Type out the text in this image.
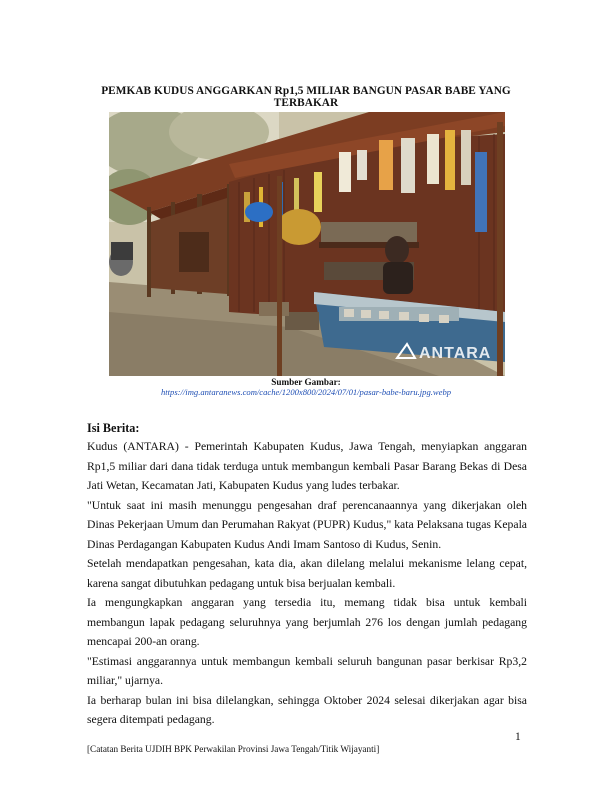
PEMKAB KUDUS ANGGARKAN Rp1,5 MILIAR BANGUN PASAR BABE YANG TERBAKAR
ANTARA
Sumber Gambar:
https://img.antaranews.com/cache/1200x800/2024/07/01/pasar-babe-baru.jpg.webp
Isi Berita:

Kudus (ANTARA) - Pemerintah Kabupaten Kudus, Jawa Tengah, menyiapkan anggaran Rp1,5 miliar dari dana tidak terduga untuk membangun kembali Pasar Barang Bekas di Desa Jati Wetan, Kecamatan Jati, Kabupaten Kudus yang ludes terbakar.

"Untuk saat ini masih menunggu pengesahan draf perencanaannya yang dikerjakan oleh Dinas Pekerjaan Umum dan Perumahan Rakyat (PUPR) Kudus," kata Pelaksana tugas Kepala Dinas Perdagangan Kabupaten Kudus Andi Imam Santoso di Kudus, Senin.

Setelah mendapatkan pengesahan, kata dia, akan dilelang melalui mekanisme lelang cepat, karena sangat dibutuhkan pedagang untuk bisa berjualan kembali.

Ia mengungkapkan anggaran yang tersedia itu, memang tidak bisa untuk kembali membangun lapak pedagang seluruhnya yang berjumlah 276 los dengan jumlah pedagang mencapai 200-an orang.

"Estimasi anggarannya untuk membangun kembali seluruh bangunan pasar berkisar Rp3,2 miliar," ujarnya.

Ia berharap bulan ini bisa dilelangkan, sehingga Oktober 2024 selesai dikerjakan agar bisa segera ditempati pedagang.

1
[Catatan Berita UJDIH BPK Perwakilan Provinsi Jawa Tengah/Titik Wijayanti]
